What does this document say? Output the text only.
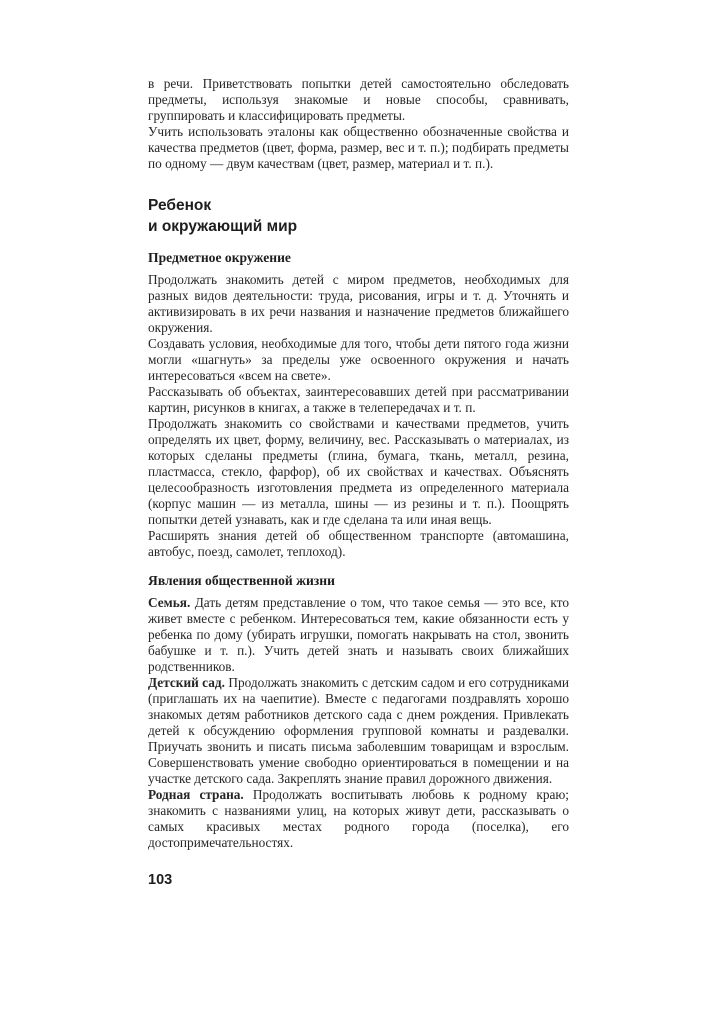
в речи. Приветствовать попытки детей самостоятельно обследовать предметы, используя знакомые и новые способы, сравнивать, группировать и классифицировать предметы.

Учить использовать эталоны как общественно обозначенные свойства и качества предметов (цвет, форма, размер, вес и т. п.); подбирать предметы по одному — двум качествам (цвет, размер, материал и т. п.).

Ребенок
и окружающий мир
Предметное окружение

Продолжать знакомить детей с миром предметов, необходимых для разных видов деятельности: труда, рисования, игры и т. д. Уточнять и активизировать в их речи названия и назначение предметов ближайшего окружения.

Создавать условия, необходимые для того, чтобы дети пятого года жизни могли «шагнуть» за пределы уже освоенного окружения и начать интересоваться «всем на свете».

Рассказывать об объектах, заинтересовавших детей при рассматривании картин, рисунков в книгах, а также в телепередачах и т. п.

Продолжать знакомить со свойствами и качествами предметов, учить определять их цвет, форму, величину, вес. Рассказывать о материалах, из которых сделаны предметы (глина, бумага, ткань, металл, резина, пластмасса, стекло, фарфор), об их свойствах и качествах. Объяснять целесообразность изготовления предмета из определенного материала (корпус машин — из металла, шины — из резины и т. п.). Поощрять попытки детей узнавать, как и где сделана та или иная вещь.

Расширять знания детей об общественном транспорте (автомашина, автобус, поезд, самолет, теплоход).

Явления общественной жизни

Семья. Дать детям представление о том, что такое семья — это все, кто живет вместе с ребенком. Интересоваться тем, какие обязанности есть у ребенка по дому (убирать игрушки, помогать накрывать на стол, звонить бабушке и т. п.). Учить детей знать и называть своих ближайших родственников.

Детский сад. Продолжать знакомить с детским садом и его сотрудниками (приглашать их на чаепитие). Вместе с педагогами поздравлять хорошо знакомых детям работников детского сада с днем рождения. Привлекать детей к обсуждению оформления групповой комнаты и раздевалки. Приучать звонить и писать письма заболевшим товарищам и взрослым. Совершенствовать умение свободно ориентироваться в помещении и на участке детского сада. Закреплять знание правил дорожного движения.

Родная страна. Продолжать воспитывать любовь к родному краю; знакомить с названиями улиц, на которых живут дети, рассказывать о самых красивых местах родного города (поселка), его достопримечательностях.

103
